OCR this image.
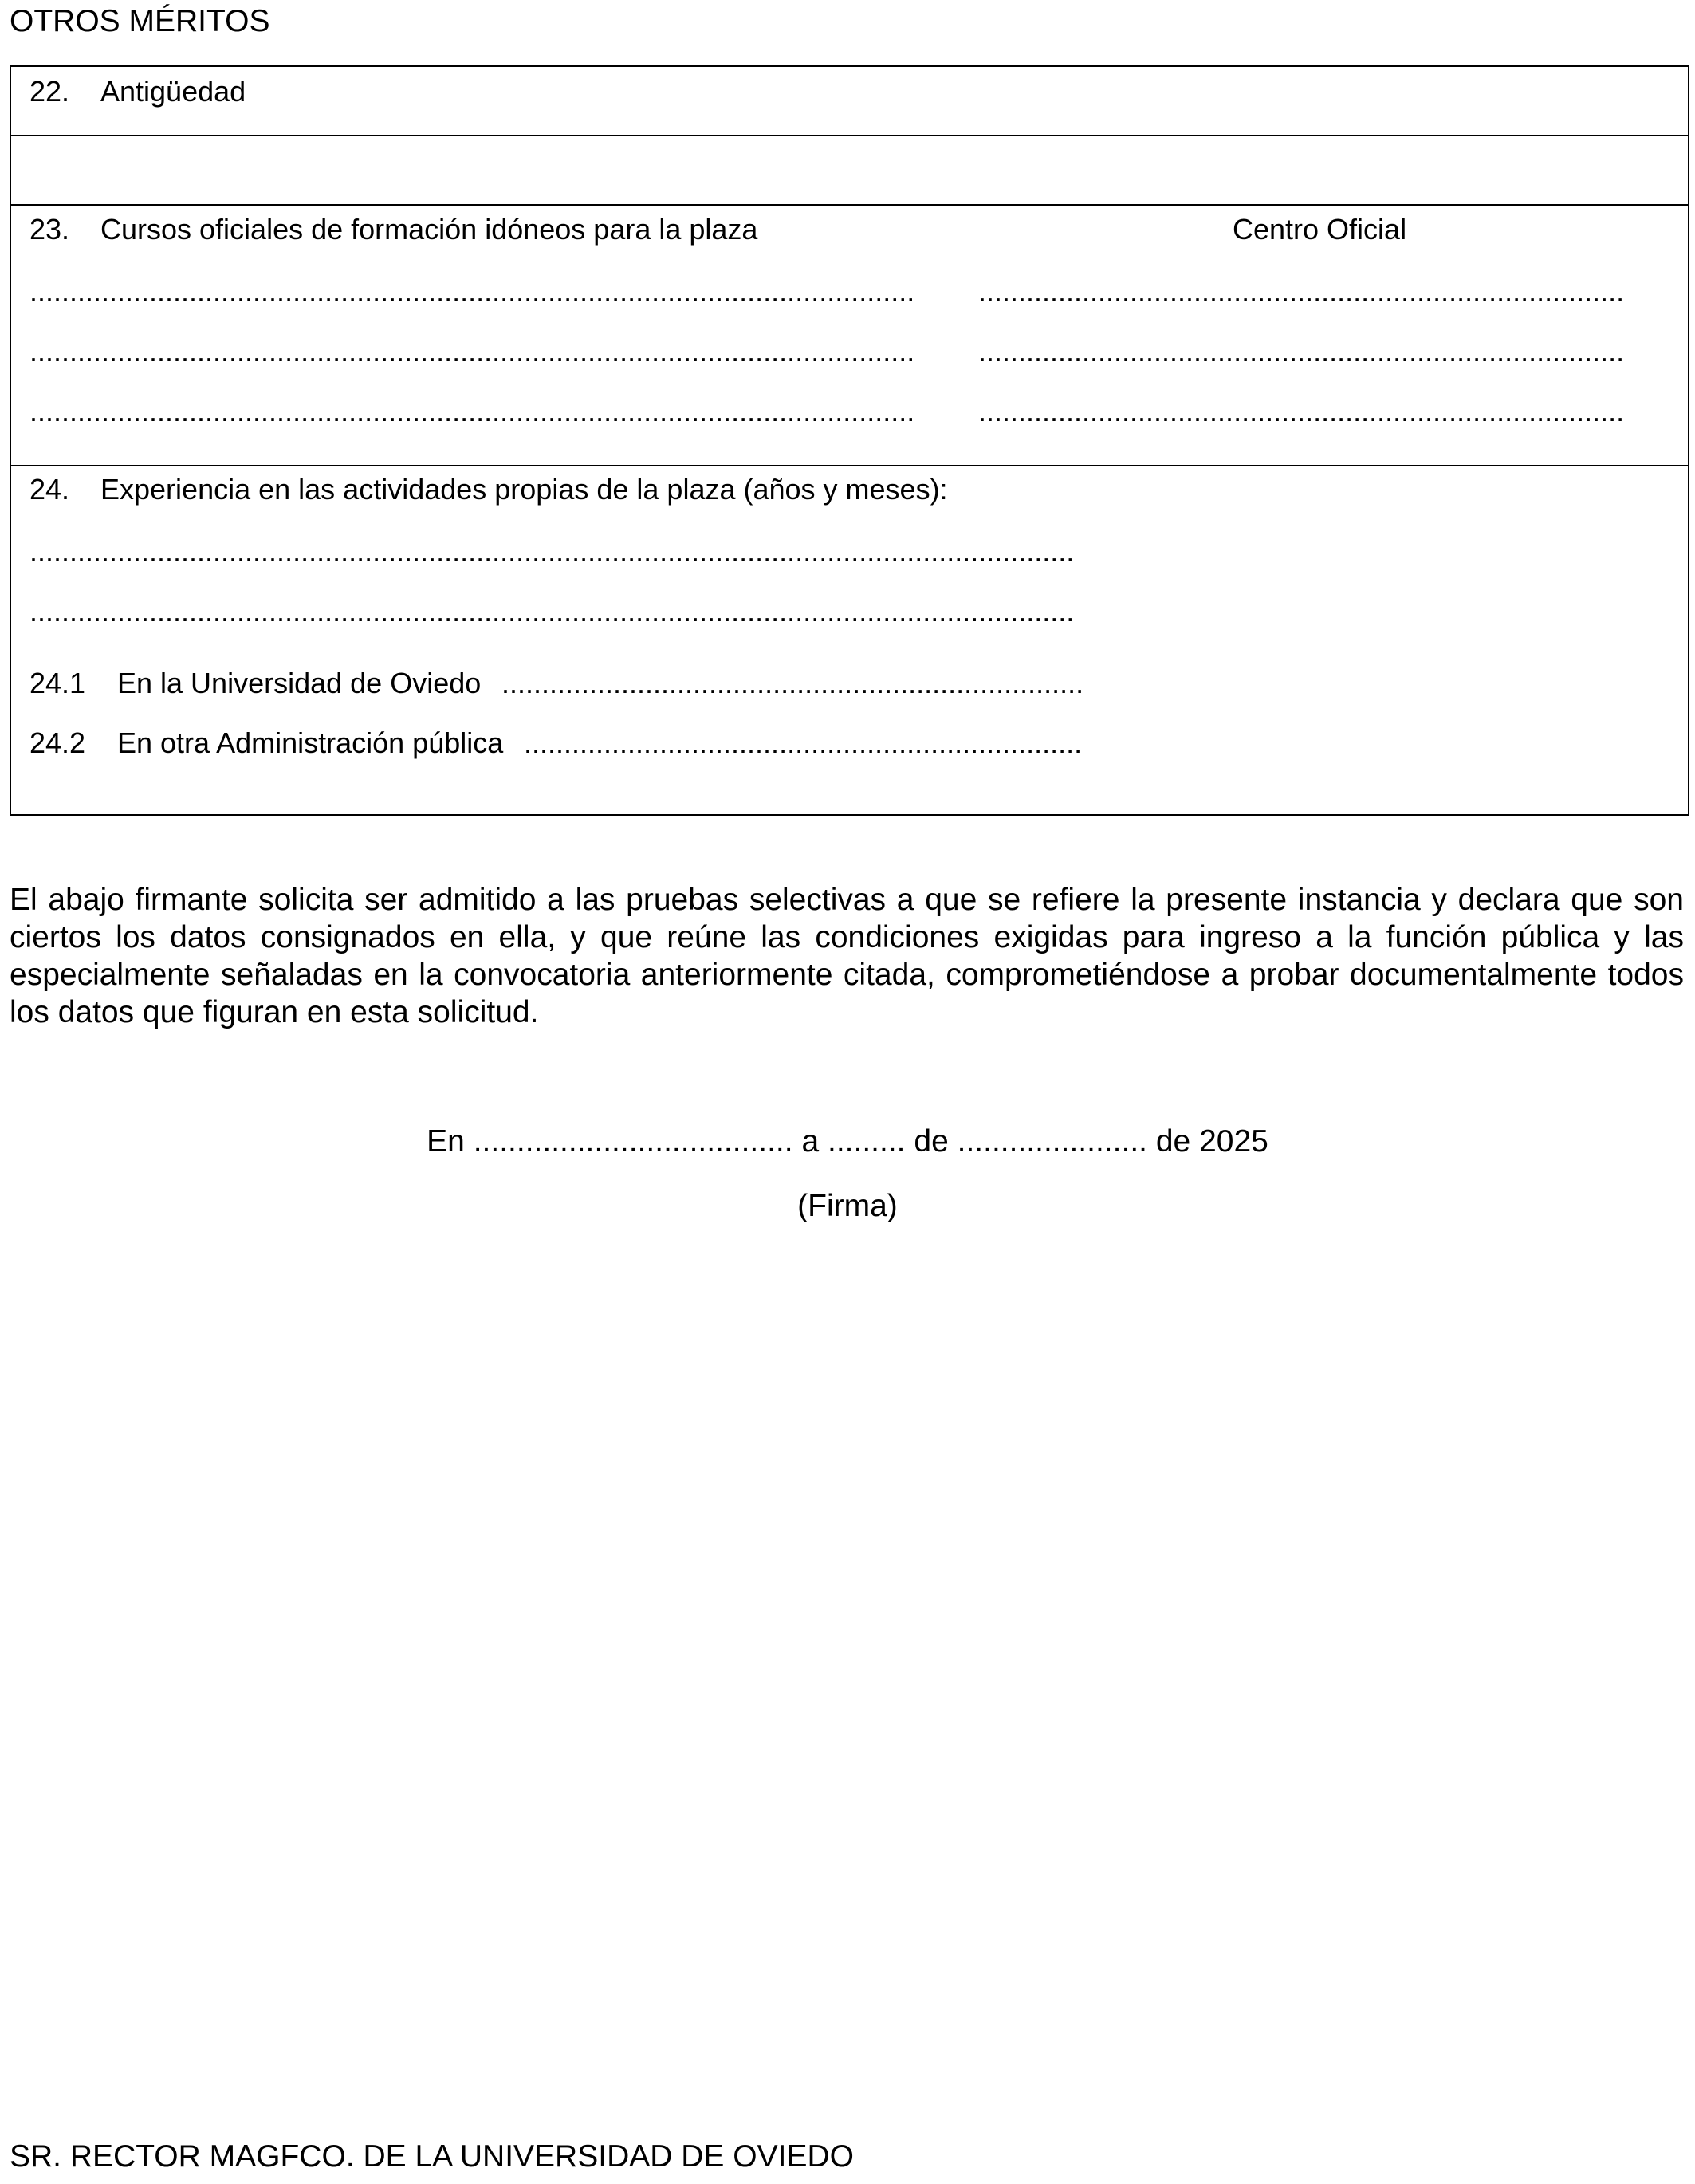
OTROS MÉRITOS
22. Antigüedad
23. Cursos oficiales de formación idóneos para la plaza	Centro Oficial
...............................................................................................................	.................................................................................
...............................................................................................................	.................................................................................
...............................................................................................................	.................................................................................
24. Experiencia en las actividades propias de la plaza (años y meses):
...................................................................................................................................
...................................................................................................................................
24.1 En la Universidad de Oviedo .........................................................................
24.2 En otra Administración pública ......................................................................
El abajo firmante solicita ser admitido a las pruebas selectivas a que se refiere la presente instancia y declara que son ciertos los datos consignados en ella, y que reúne las condiciones exigidas para ingreso a la función pública y las especialmente señaladas en la convocatoria anteriormente citada, comprometiéndose a probar documentalmente todos los datos que figuran en esta solicitud.
En ..................................... a ......... de ...................... de 2025
(Firma)
SR. RECTOR MAGFCO. DE LA UNIVERSIDAD DE OVIEDO
